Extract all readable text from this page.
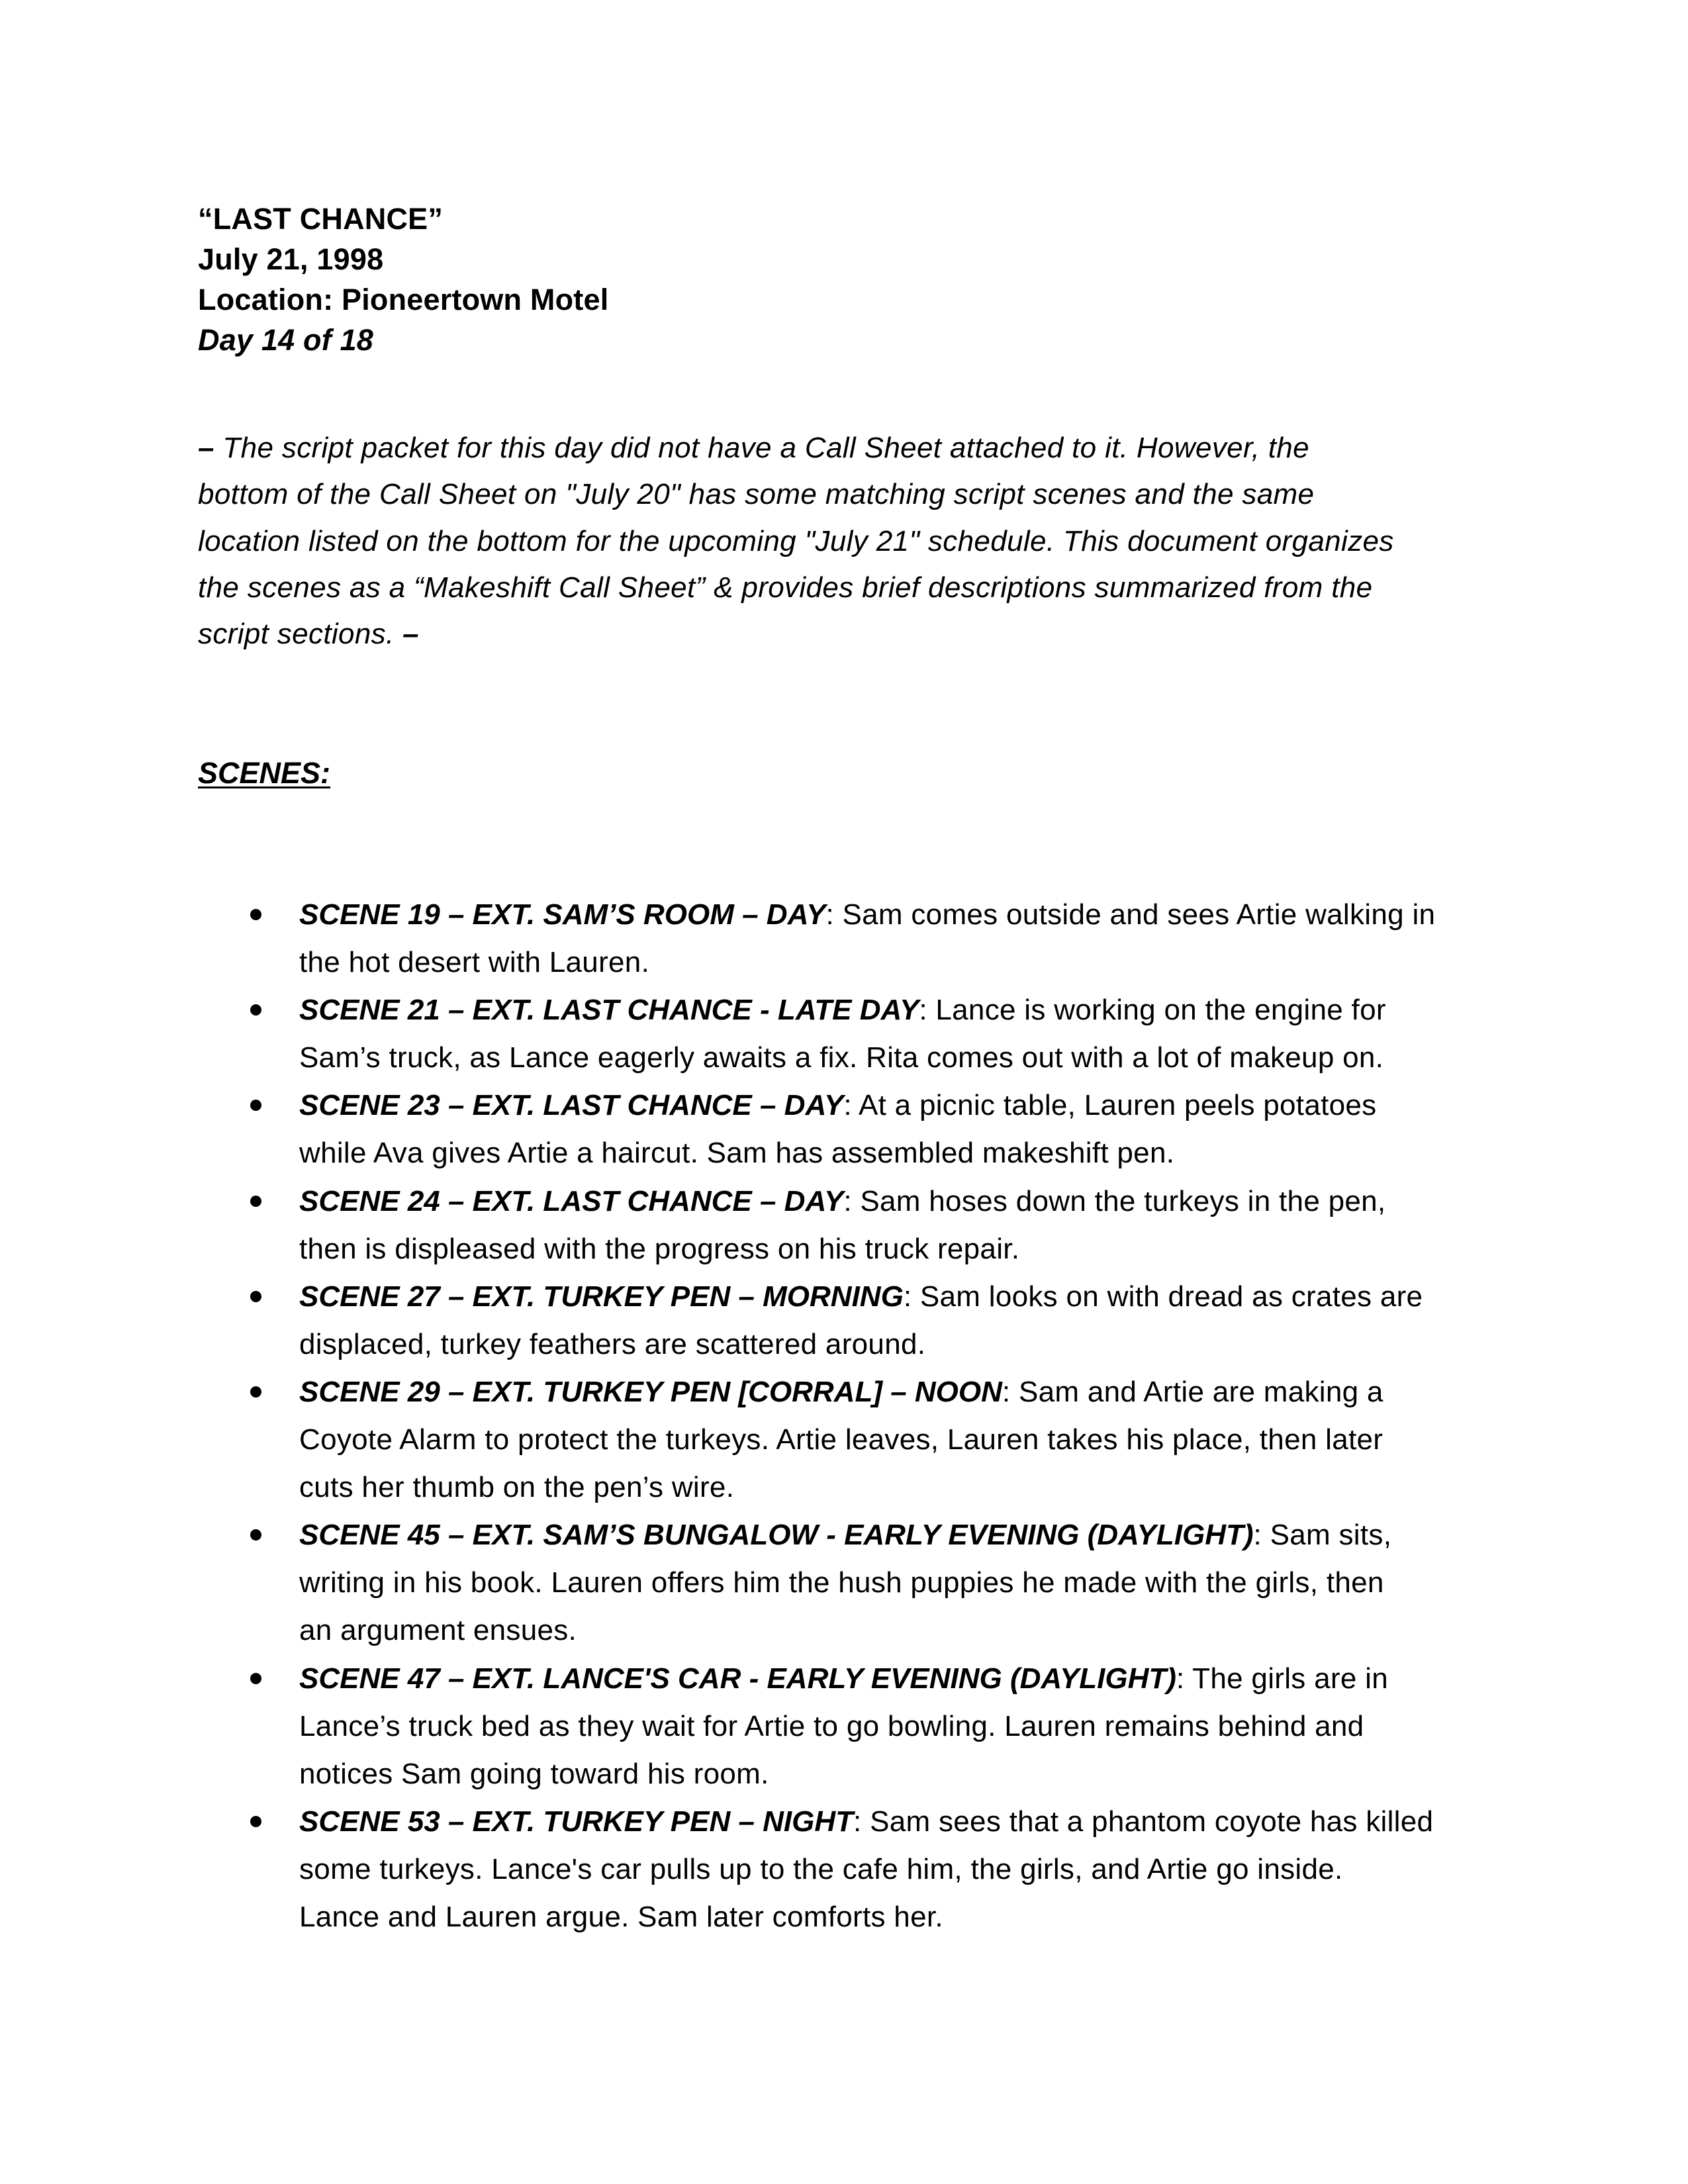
“LAST CHANCE”
July 21, 1998
Location: Pioneertown Motel
Day 14 of 18
– The script packet for this day did not have a Call Sheet attached to it. However, the
bottom of the Call Sheet on "July 20" has some matching script scenes and the same
location listed on the bottom for the upcoming "July 21" schedule. This document organizes
the scenes as a “Makeshift Call Sheet” & provides brief descriptions summarized from the
script sections. –
SCENES:
SCENE 19 – EXT. SAM’S ROOM – DAY: Sam comes outside and sees Artie walking in
the hot desert with Lauren.
SCENE 21 – EXT. LAST CHANCE - LATE DAY: Lance is working on the engine for
Sam’s truck, as Lance eagerly awaits a fix. Rita comes out with a lot of makeup on.
SCENE 23 – EXT. LAST CHANCE – DAY: At a picnic table, Lauren peels potatoes
while Ava gives Artie a haircut. Sam has assembled makeshift pen.
SCENE 24 – EXT. LAST CHANCE – DAY: Sam hoses down the turkeys in the pen,
then is displeased with the progress on his truck repair.
SCENE 27 – EXT. TURKEY PEN – MORNING: Sam looks on with dread as crates are
displaced, turkey feathers are scattered around.
SCENE 29 – EXT. TURKEY PEN [CORRAL] – NOON: Sam and Artie are making a
Coyote Alarm to protect the turkeys. Artie leaves, Lauren takes his place, then later
cuts her thumb on the pen’s wire.
SCENE 45 – EXT. SAM’S BUNGALOW - EARLY EVENING (DAYLIGHT): Sam sits,
writing in his book. Lauren offers him the hush puppies he made with the girls, then
an argument ensues.
SCENE 47 – EXT. LANCE'S CAR - EARLY EVENING (DAYLIGHT): The girls are in
Lance’s truck bed as they wait for Artie to go bowling. Lauren remains behind and
notices Sam going toward his room.
SCENE 53 – EXT. TURKEY PEN – NIGHT: Sam sees that a phantom coyote has killed
some turkeys. Lance's car pulls up to the cafe him, the girls, and Artie go inside.
Lance and Lauren argue. Sam later comforts her.
